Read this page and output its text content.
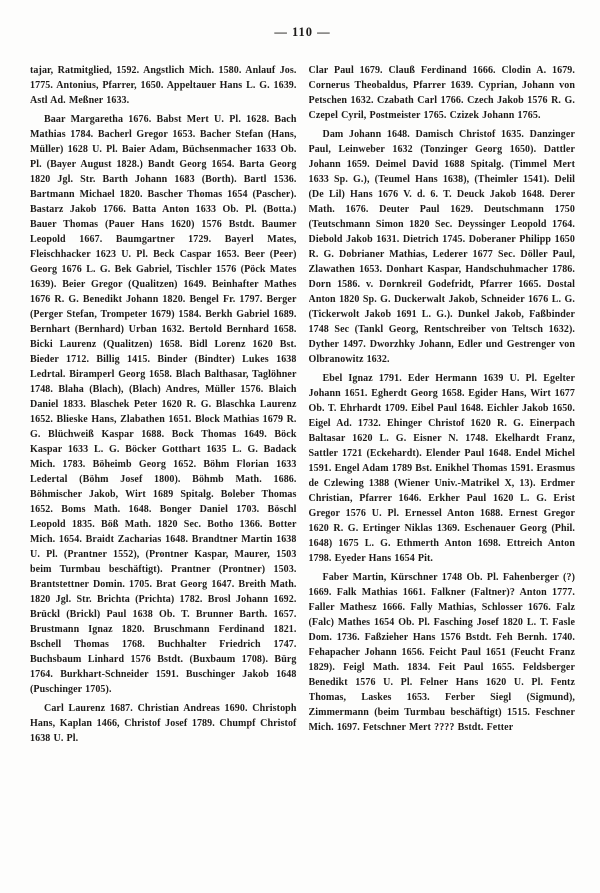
— 110 —

tajar, Ratmitglied, 1592. Angstlich Mich. 1580. Anlauf Jos. 1775. Antonius, Pfarrer, 1650. Appeltauer Hans L. G. 1639. Astl Ad. Meßner 1633.

Baar Margaretha 1676. Babst Mert U. Pl. 1628. Bach Mathias 1784. Bacherl Gregor 1653. Bacher Stefan (Hans, Müller) 1628 U. Pl. Baier Adam, Büchsenmacher 1633 Ob. Pl. (Bayer August 1828.) Bandt Georg 1654. Barta Georg 1820 Jgl. Str. Barth Johann 1683 (Borth). Bartl 1536. Bartmann Michael 1820. Bascher Thomas 1654 (Pascher). Bastarz Jakob 1766. Batta Anton 1633 Ob. Pl. (Botta.) Bauer Thomas (Pauer Hans 1620) 1576 Bstdt. Baumer Leopold 1667. Baumgartner 1729. Bayerl Mates, Fleischhacker 1623 U. Pl. Beck Caspar 1653. Beer (Peer) Georg 1676 L. G. Bek Gabriel, Tischler 1576 (Pöck Mates 1639). Beier Gregor (Qualitzen) 1649. Beinhafter Mathes 1676 R. G. Benedikt Johann 1820. Bengel Fr. 1797. Berger (Perger Stefan, Trompeter 1679) 1584. Berkh Gabriel 1689. Bernhart (Bernhard) Urban 1632. Bertold Bernhard 1658. Bicki Laurenz (Qualitzen) 1658. Bidl Lorenz 1620 Bst. Bieder 1712. Billig 1415. Binder (Bindter) Lukes 1638 Ledrtal. Biramperl Georg 1658. Blach Balthasar, Taglöhner 1748. Blaha (Blach), (Blach) Andres, Müller 1576. Blaich Daniel 1833. Blaschek Peter 1620 R. G. Blaschka Laurenz 1652. Blieske Hans, Zlabathen 1651. Block Mathias 1679 R. G. Blüchweiß Kaspar 1688. Bock Thomas 1649. Böck Kaspar 1633 L. G. Böcker Gotthart 1635 L. G. Badack Mich. 1783. Böheimb Georg 1652. Böhm Florian 1633 Ledertal (Böhm Josef 1800). Böhmb Math. 1686. Böhmischer Jakob, Wirt 1689 Spitalg. Boleber Thomas 1652. Boms Math. 1648. Bonger Daniel 1703. Böschl Leopold 1835. Böß Math. 1820 Sec. Botho 1366. Botter Mich. 1654. Braidt Zacharias 1648. Brandtner Martin 1638 U. Pl. (Prantner 1552), (Prontner Kaspar, Maurer, 1503 beim Turmbau beschäftigt). Prantner (Prontner) 1503. Brantstettner Domin. 1705. Brat Georg 1647. Breith Math. 1820 Jgl. Str. Brichta (Prichta) 1782. Brosl Johann 1692. Brückl (Brickl) Paul 1638 Ob. T. Brunner Barth. 1657. Brustmann Ignaz 1820. Bruschmann Ferdinand 1821. Bschell Thomas 1768. Buchhalter Friedrich 1747. Buchsbaum Linhard 1576 Bstdt. (Buxbaum 1708). Bürg 1764. Burkhart-Schneider 1591. Buschinger Jakob 1648 (Puschinger 1705).

Carl Laurenz 1687. Christian Andreas 1690. Christoph Hans, Kaplan 1466, Christof Josef 1789. Chumpf Christof 1638 U. Pl.

Clar Paul 1679. Clauß Ferdinand 1666. Clodin A. 1679. Cornerus Theobaldus, Pfarrer 1639. Cyprian, Johann von Petschen 1632. Czabath Carl 1766. Czech Jakob 1576 R. G. Czepel Cyril, Postmeister 1765. Czizek Johann 1765.

Dam Johann 1648. Damisch Christof 1635. Danzinger Paul, Leinweber 1632 (Tonzinger Georg 1650). Dattler Johann 1659. Deimel David 1688 Spitalg. (Timmel Mert 1633 Sp. G.), (Teumel Hans 1638), (Theimler 1541). Delil (De Lil) Hans 1676 V. d. 6. T. Deuck Jakob 1648. Derer Math. 1676. Deuter Paul 1629. Deutschmann 1750 (Teutschmann Simon 1820 Sec. Deyssinger Leopold 1764. Diebold Jakob 1631. Dietrich 1745. Doberaner Philipp 1650 R. G. Dobrianer Mathias, Lederer 1677 Sec. Döller Paul, Zlawathen 1653. Donhart Kaspar, Handschuhmacher 1786. Dorn 1586. v. Dornkreil Godefridt, Pfarrer 1665. Dostal Anton 1820 Sp. G. Duckerwalt Jakob, Schneider 1676 L. G. (Tickerwolt Jakob 1691 L. G.). Dunkel Jakob, Faßbinder 1748 Sec (Tankl Georg, Rentschreiber von Teltsch 1632). Dyther 1497. Dworzhky Johann, Edler und Gestrenger von Olbranowitz 1632.

Ebel Ignaz 1791. Eder Hermann 1639 U. Pl. Egelter Johann 1651. Egherdt Georg 1658. Egider Hans, Wirt 1677 Ob. T. Ehrhardt 1709. Eibel Paul 1648. Eichler Jakob 1650. Eigel Ad. 1732. Ehinger Christof 1620 R. G. Einerpach Baltasar 1620 L. G. Eisner N. 1748. Ekelhardt Franz, Sattler 1721 (Eckehardt). Elender Paul 1648. Endel Michel 1591. Engel Adam 1789 Bst. Enikhel Thomas 1591. Erasmus de Czlewing 1388 (Wiener Univ.-Matrikel X, 13). Erdmer Christian, Pfarrer 1646. Erkher Paul 1620 L. G. Erist Gregor 1576 U. Pl. Ernessel Anton 1688. Ernest Gregor 1620 R. G. Ertinger Niklas 1369. Eschenauer Georg (Phil. 1648) 1675 L. G. Ethmerth Anton 1698. Ettreich Anton 1798. Eyeder Hans 1654 Pit.

Faber Martin, Kürschner 1748 Ob. Pl. Fahenberger (?) 1669. Falk Mathias 1661. Falkner (Faltner)? Anton 1777. Faller Mathesz 1666. Fally Mathias, Schlosser 1676. Falz (Falc) Mathes 1654 Ob. Pl. Fasching Josef 1820 L. T. Fasle Dom. 1736. Faßzieher Hans 1576 Bstdt. Feh Bernh. 1740. Fehapacher Johann 1656. Feicht Paul 1651 (Feucht Franz 1829). Feigl Math. 1834. Feit Paul 1655. Feldsberger Benedikt 1576 U. Pl. Felner Hans 1620 U. Pl. Fentz Thomas, Laskes 1653. Ferber Siegl (Sigmund), Zimmermann (beim Turmbau beschäftigt) 1515. Feschner Mich. 1697. Fetschner Mert ???? Bstdt. Fetter
